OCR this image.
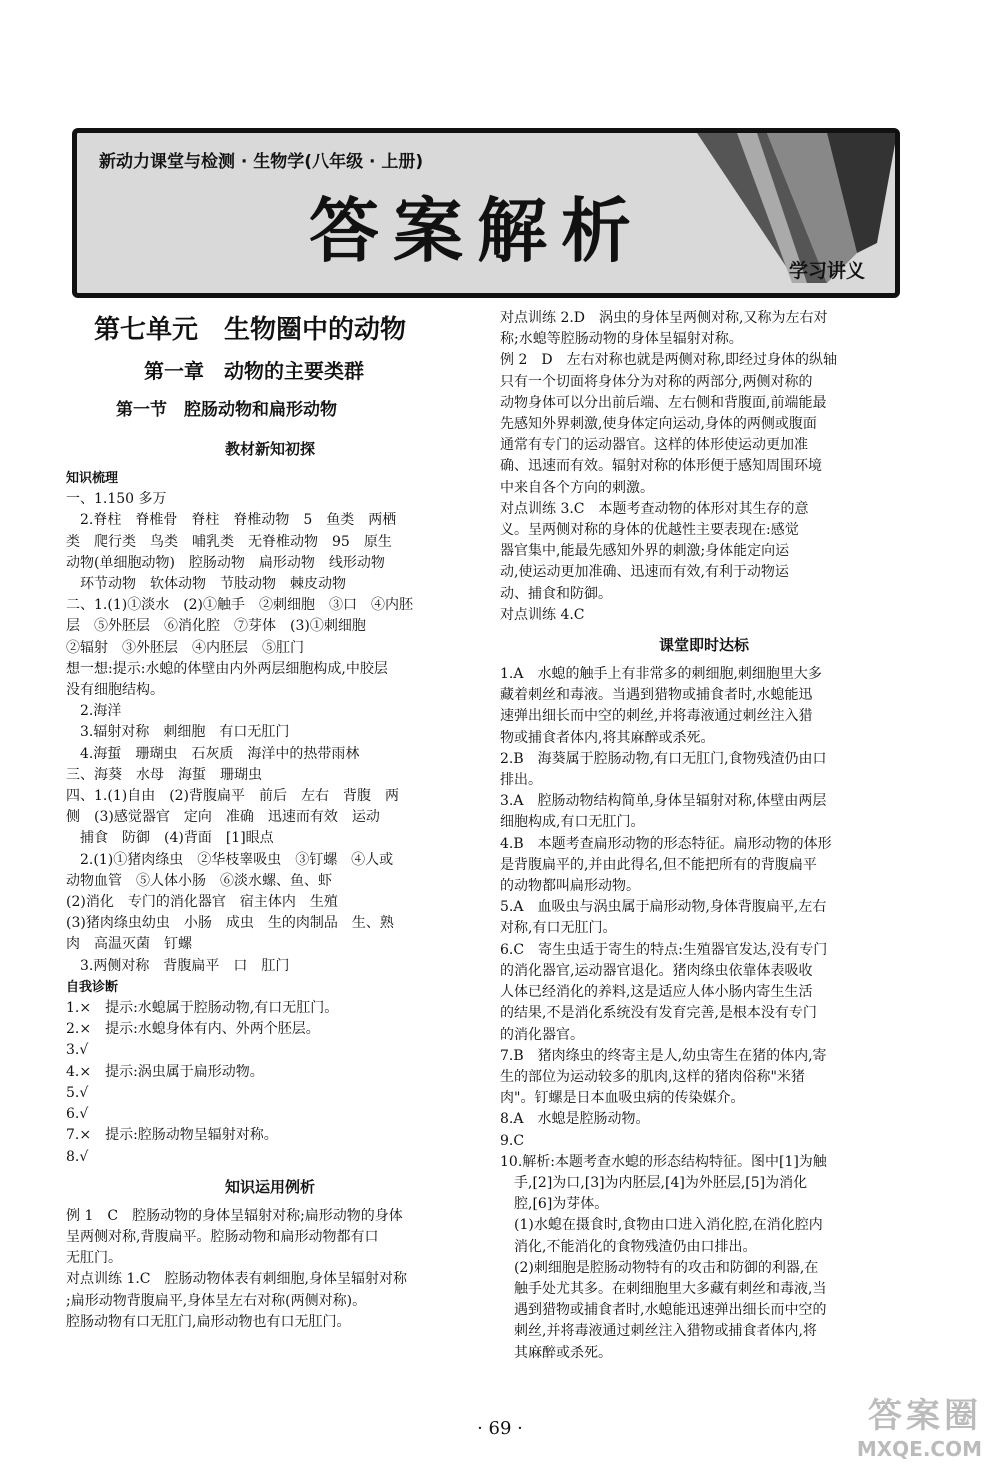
新动力课堂与检测 · 生物学(八年级 · 上册)
答案解析	学习讲义
第七单元　生物圈中的动物
第一章　动物的主要类群
第一节　腔肠动物和扁形动物
教材新知初探
知识梳理
一、1.150 多万
　2.脊柱　脊椎骨　脊柱　脊椎动物　5　鱼类　两栖
类　爬行类　鸟类　哺乳类　无脊椎动物　95　原生
动物(单细胞动物)　腔肠动物　扁形动物　线形动物
　环节动物　软体动物　节肢动物　棘皮动物
二、1.(1)①淡水　(2)①触手　②刺细胞　③口　④内胚
层　⑤外胚层　⑥消化腔　⑦芽体　(3)①刺细胞
②辐射　③外胚层　④内胚层　⑤肛门
想一想:提示:水螅的体壁由内外两层细胞构成,中胶层
没有细胞结构。
　2.海洋
　3.辐射对称　刺细胞　有口无肛门
　4.海蜇　珊瑚虫　石灰质　海洋中的热带雨林
三、海葵　水母　海蜇　珊瑚虫
四、1.(1)自由　(2)背腹扁平　前后　左右　背腹　两
侧　(3)感觉器官　定向　准确　迅速而有效　运动
　捕食　防御　(4)背面　[1]眼点
　2.(1)①猪肉绦虫　②华枝睾吸虫　③钉螺　④人或
动物血管　⑤人体小肠　⑥淡水螺、鱼、虾
(2)消化　专门的消化器官　宿主体内　生殖
(3)猪肉绦虫幼虫　小肠　成虫　生的肉制品　生、熟
肉　高温灭菌　钉螺
　3.两侧对称　背腹扁平　口　肛门
自我诊断
1.×　提示:水螅属于腔肠动物,有口无肛门。
2.×　提示:水螅身体有内、外两个胚层。
3.√
4.×　提示:涡虫属于扁形动物。
5.√
6.√
7.×　提示:腔肠动物呈辐射对称。
8.√
知识运用例析
例 1　C　腔肠动物的身体呈辐射对称;扁形动物的身体
呈两侧对称,背腹扁平。腔肠动物和扁形动物都有口
无肛门。
对点训练 1.C　腔肠动物体表有刺细胞,身体呈辐射对称
;扁形动物背腹扁平,身体呈左右对称(两侧对称)。
腔肠动物有口无肛门,扁形动物也有口无肛门。
对点训练 2.D　涡虫的身体呈两侧对称,又称为左右对
称;水螅等腔肠动物的身体呈辐射对称。
例 2　D　左右对称也就是两侧对称,即经过身体的纵轴
只有一个切面将身体分为对称的两部分,两侧对称的
动物身体可以分出前后端、左右侧和背腹面,前端能最
先感知外界刺激,使身体定向运动,身体的两侧或腹面
通常有专门的运动器官。这样的体形使运动更加准
确、迅速而有效。辐射对称的体形便于感知周围环境
中来自各个方向的刺激。
对点训练 3.C　本题考查动物的体形对其生存的意
义。呈两侧对称的身体的优越性主要表现在:感觉
器官集中,能最先感知外界的刺激;身体能定向运
动,使运动更加准确、迅速而有效,有利于动物运
动、捕食和防御。
对点训练 4.C
课堂即时达标
1.A　水螅的触手上有非常多的刺细胞,刺细胞里大多
藏着刺丝和毒液。当遇到猎物或捕食者时,水螅能迅
速弹出细长而中空的刺丝,并将毒液通过刺丝注入猎
物或捕食者体内,将其麻醉或杀死。
2.B　海葵属于腔肠动物,有口无肛门,食物残渣仍由口
排出。
3.A　腔肠动物结构简单,身体呈辐射对称,体壁由两层
细胞构成,有口无肛门。
4.B　本题考查扁形动物的形态特征。扁形动物的体形
是背腹扁平的,并由此得名,但不能把所有的背腹扁平
的动物都叫扁形动物。
5.A　血吸虫与涡虫属于扁形动物,身体背腹扁平,左右
对称,有口无肛门。
6.C　寄生虫适于寄生的特点:生殖器官发达,没有专门
的消化器官,运动器官退化。猪肉绦虫依靠体表吸收
人体已经消化的养料,这是适应人体小肠内寄生生活
的结果,不是消化系统没有发育完善,是根本没有专门
的消化器官。
7.B　猪肉绦虫的终寄主是人,幼虫寄生在猪的体内,寄
生的部位为运动较多的肌肉,这样的猪肉俗称"米猪
肉"。钉螺是日本血吸虫病的传染媒介。
8.A　水螅是腔肠动物。
9.C
10.解析:本题考查水螅的形态结构特征。图中[1]为触
　手,[2]为口,[3]为内胚层,[4]为外胚层,[5]为消化
　腔,[6]为芽体。
　(1)水螅在摄食时,食物由口进入消化腔,在消化腔内
　消化,不能消化的食物残渣仍由口排出。
　(2)刺细胞是腔肠动物特有的攻击和防御的利器,在
　触手处尤其多。在刺细胞里大多藏有刺丝和毒液,当
　遇到猎物或捕食者时,水螅能迅速弹出细长而中空的
　刺丝,并将毒液通过刺丝注入猎物或捕食者体内,将
　其麻醉或杀死。
· 69 ·	答案圈
MXQE.COM
